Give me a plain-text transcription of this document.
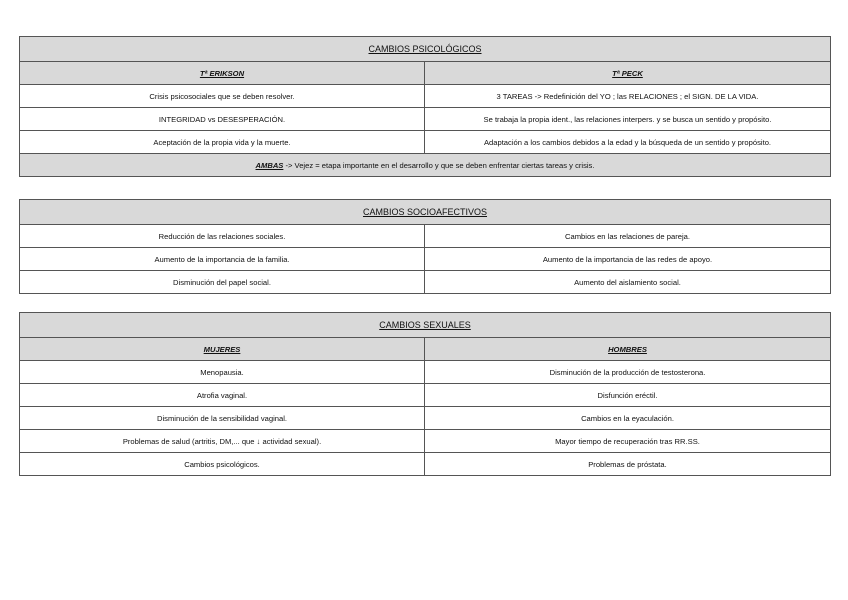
CAMBIOS PSICOLÓGICOS	
Tª ERIKSON	Tª PECK
Crisis psicosociales que se deben resolver.	3 TAREAS -> Redefinición del YO ; las RELACIONES ; el SIGN. DE LA VIDA.
INTEGRIDAD vs DESESPERACIÓN.	Se trabaja la propia ident., las relaciones interpers. y se busca un sentido y propósito.
Aceptación de la propia vida y la muerte.	Adaptación a los cambios debidos a la edad y la búsqueda de un sentido y propósito.
AMBAS -> Vejez = etapa importante en el desarrollo y que se deben enfrentar ciertas tareas y crisis.	
CAMBIOS SOCIOAFECTIVOS	
Reducción de las relaciones sociales.	Cambios en las relaciones de pareja.
Aumento de la importancia de la familia.	Aumento de la importancia de las redes de apoyo.
Disminución del papel social.	Aumento del aislamiento social.
CAMBIOS SEXUALES	
MUJERES	HOMBRES
Menopausia.	Disminución de la producción de testosterona.
Atrofia vaginal.	Disfunción eréctil.
Disminución de la sensibilidad vaginal.	Cambios en la eyaculación.
Problemas de salud (artritis, DM,... que ↓ actividad sexual).	Mayor tiempo de recuperación tras RR.SS.
Cambios psicológicos.	Problemas de próstata.
